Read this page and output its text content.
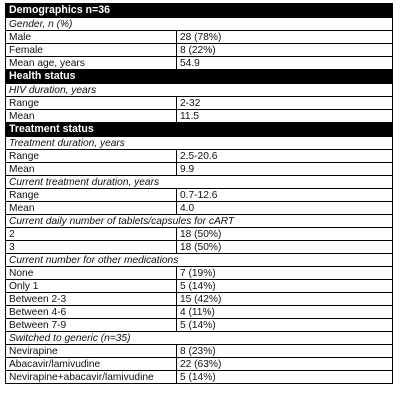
Demographics n=36	
Gender, n (%)	
Male	28 (78%)
Female	8 (22%)
Mean age, years	54.9
Health status	
HIV duration, years	
Range	2-32
Mean	11.5
Treatment status	
Treatment duration, years	
Range	2.5-20.6
Mean	9.9
Current treatment duration, years	
Range	0.7-12.6
Mean	4.0
Current daily number of tablets/capsules for cART	
2	18 (50%)
3	18 (50%)
Current number for other medications	
None	7 (19%)
Only 1	5 (14%)
Between 2-3	15 (42%)
Between 4-6	4 (11%)
Between 7-9	5 (14%)
Switched to generic (n=35)	
Nevirapine	8 (23%)
Abacavir/lamivudine	22 (63%)
Nevirapine+abacavir/lamivudine	5 (14%)
